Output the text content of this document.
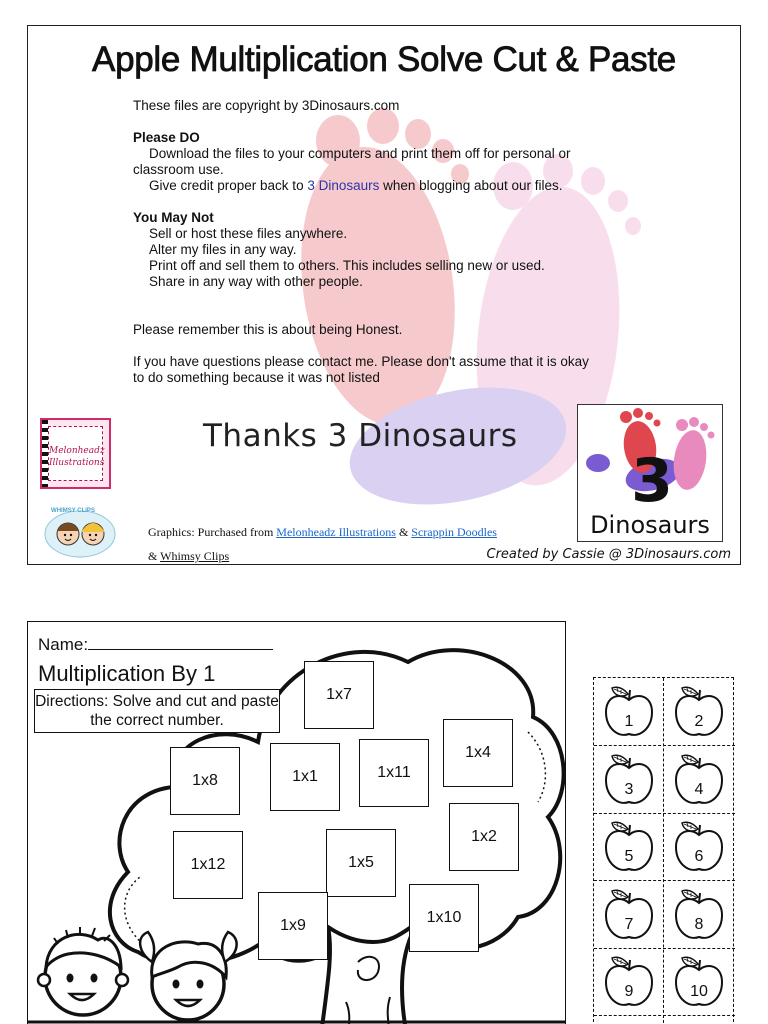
Apple Multiplication Solve Cut & Paste

These files are copyright by 3Dinosaurs.com

Please DO

Download the files to your computers and print them off for personal or

classroom use.

Give credit proper back to 3 Dinosaurs when blogging about our files.

You May Not

Sell or host these files anywhere.

Alter my files in any way.

Print off and sell them to others. This includes selling new or used.

Share in any way with other people.

Please remember this is about being Honest.

If you have questions please contact me. Please don't assume that it is okay

to do something because it was not listed

Thanks 3 Dinosaurs
Melonheadz Illustrations
WHIMSY CLIPS
Graphics: Purchased from Melonheadz Illustrations & Scrappin Doodles
& Whimsy Clips
3
Dinosaurs
Created by Cassie @ 3Dinosaurs.com
Name:
Multiplication By 1
Directions: Solve and cut and paste the correct number.
1x7
1x8	1x1	1x11
1x4
1x12	1x5
1x2
1x9	1x10
1	2
3	4
5	6
7	8
9	10
